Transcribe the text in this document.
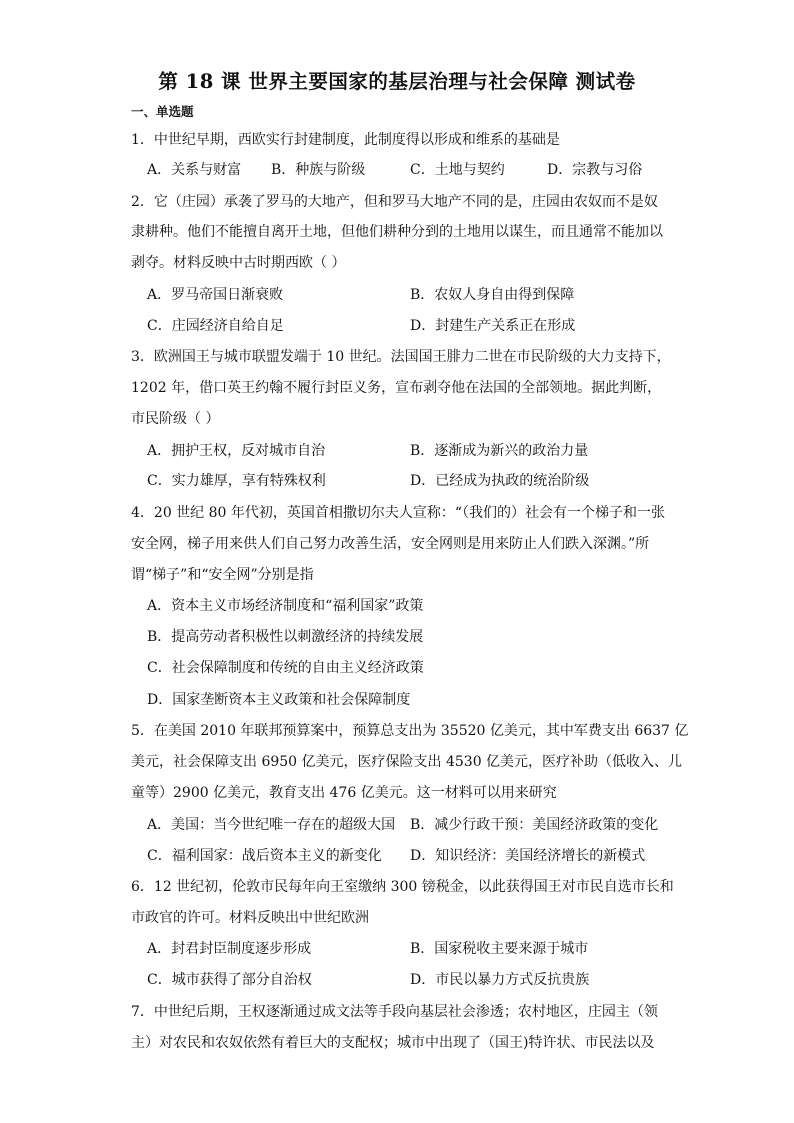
第 18 课 世界主要国家的基层治理与社会保障 测试卷
一、单选题
1．中世纪早期，西欧实行封建制度，此制度得以形成和维系的基础是
A．关系与财富 B．种族与阶级	C．土地与契约	D．宗教与习俗
2．它（庄园）承袭了罗马的大地产，但和罗马大地产不同的是，庄园由农奴而不是奴
隶耕种。他们不能擅自离开土地，但他们耕种分到的土地用以谋生，而且通常不能加以
剥夺。材料反映中古时期西欧（ ）
A．罗马帝国日渐衰败	B．农奴人身自由得到保障
C．庄园经济自给自足	D．封建生产关系正在形成
3．欧洲国王与城市联盟发端于 10 世纪。法国国王腓力二世在市民阶级的大力支持下，
1202 年，借口英王约翰不履行封臣义务，宣布剥夺他在法国的全部领地。据此判断，
市民阶级（ ）
A．拥护王权，反对城市自治	B．逐渐成为新兴的政治力量
C．实力雄厚，享有特殊权利	D．已经成为执政的统治阶级
4．20 世纪 80 年代初，英国首相撒切尔夫人宣称：“（我们的）社会有一个梯子和一张
安全网，梯子用来供人们自己努力改善生活，安全网则是用来防止人们跌入深渊。”所
谓“梯子”和“安全网”分别是指
A．资本主义市场经济制度和“福利国家”政策
B．提高劳动者积极性以刺激经济的持续发展
C．社会保障制度和传统的自由主义经济政策
D．国家垄断资本主义政策和社会保障制度
5．在美国 2010 年联邦预算案中，预算总支出为 35520 亿美元，其中军费支出 6637 亿
美元，社会保障支出 6950 亿美元，医疗保险支出 4530 亿美元，医疗补助（低收入、儿
童等）2900 亿美元，教育支出 476 亿美元。这一材料可以用来研究
A．美国：当今世纪唯一存在的超级大国 B．减少行政干预：美国经济政策的变化
C．福利国家：战后资本主义的新变化 D．知识经济：美国经济增长的新模式
6．12 世纪初，伦敦市民每年向王室缴纳 300 镑税金，以此获得国王对市民自选市长和
市政官的许可。材料反映出中世纪欧洲
A．封君封臣制度逐步形成	B．国家税收主要来源于城市
C．城市获得了部分自治权	D．市民以暴力方式反抗贵族
7．中世纪后期，王权逐渐通过成文法等手段向基层社会渗透；农村地区，庄园主（领
主）对农民和农奴依然有着巨大的支配权；城市中出现了（国王)特许状、市民法以及
